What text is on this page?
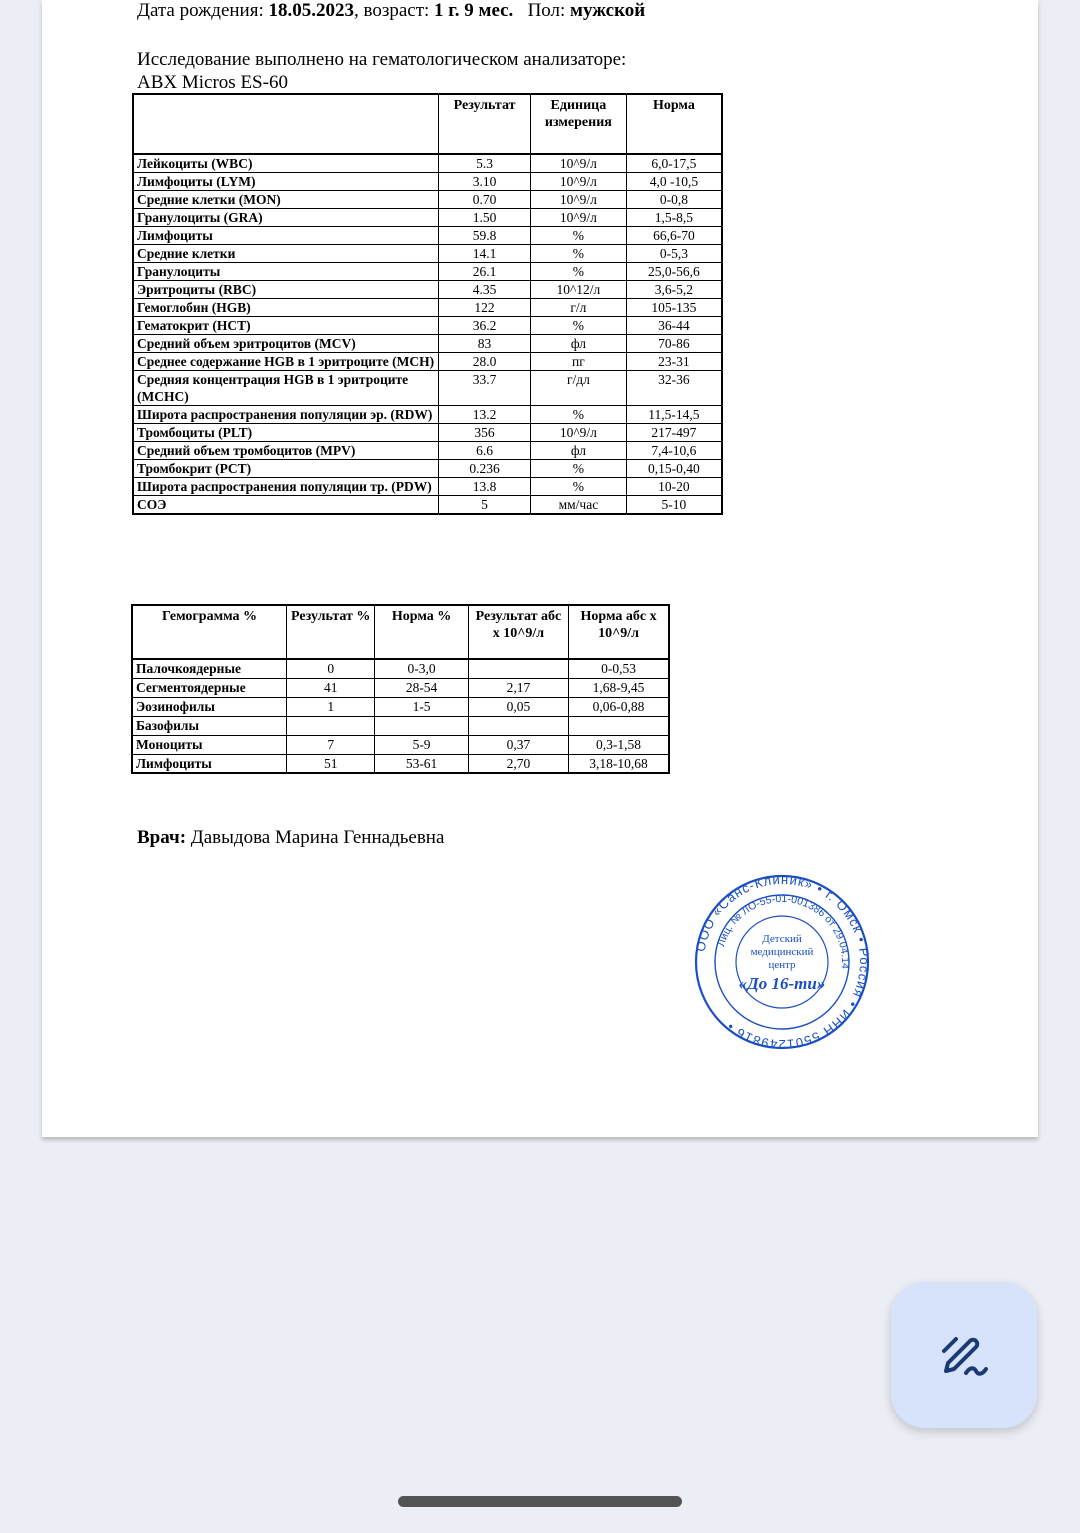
Дата рождения: 18.05.2023, возраст: 1 г. 9 мес. Пол: мужской
Исследование выполнено на гематологическом анализаторе:
ABX Micros ES-60
	Результат	Единица измерения	Норма
Лейкоциты (WBC)	5.3	10^9/л	6,0-17,5
Лимфоциты (LYM)	3.10	10^9/л	4,0 -10,5
Средние клетки (MON)	0.70	10^9/л	0-0,8
Гранулоциты (GRA)	1.50	10^9/л	1,5-8,5
Лимфоциты	59.8	%	66,6-70
Средние клетки	14.1	%	0-5,3
Гранулоциты	26.1	%	25,0-56,6
Эритроциты (RBC)	4.35	10^12/л	3,6-5,2
Гемоглобин (HGB)	122	г/л	105-135
Гематокрит (HCT)	36.2	%	36-44
Средний объем эритроцитов (MCV)	83	фл	70-86
Среднее содержание HGB в 1 эритроците (MCH)	28.0	пг	23-31
Средняя концентрация HGB в 1 эритроците (MCHC)	33.7	г/дл	32-36
Широта распространения популяции эр. (RDW)	13.2	%	11,5-14,5
Тромбоциты (PLT)	356	10^9/л	217-497
Средний объем тромбоцитов (MPV)	6.6	фл	7,4-10,6
Тромбокрит (PCT)	0.236	%	0,15-0,40
Широта распространения популяции тр. (PDW)	13.8	%	10-20
СОЭ	5	мм/час	5-10
Гемограмма %	Результат %	Норма %	Результат абс х 10^9/л	Норма абс х 10^9/л
Палочкоядерные	0	0-3,0		0-0,53
Сегментоядерные	41	28-54	2,17	1,68-9,45
Эозинофилы	1	1-5	0,05	0,06-0,88
Базофилы				
Моноциты	7	5-9	0,37	0,3-1,58
Лимфоциты	51	53-61	2,70	3,18-10,68
Врач: Давыдова Марина Геннадьевна
ООО «Санс-Клиник» • г. Омск • Россия • ИНН 5501249816 •
Лиц. № ЛО-55-01-001386 от 29.04.14
Детский
медицинский
центр
«До 16-ти»
